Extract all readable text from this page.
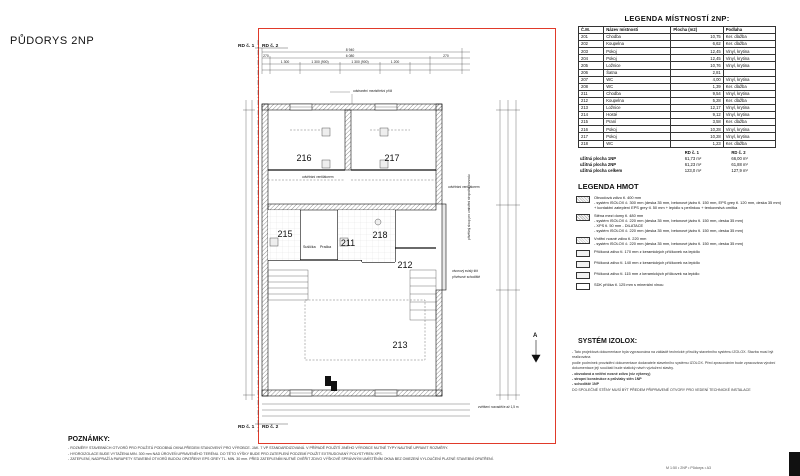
PŮDORYS 2NP	RD č. 1 RD č. 2
RD č. 1 RD č. 2
8 940
270	6 080	270
1 300	1 300 (900)	1 300 (900)	1 200
216	217
215
211
218
212
213
Sušička Pračka
odstranění mezistřešní příčl
odvětrání ventilátorem
odvětrání ventilátorem
přívěšný sloup pro umístění stropního rozvodu
otvorový svislý štít
přívěsové schodiště
zvětšení rozvaděče až 1,5 m
A
LEGENDA MÍSTNOSTÍ 2NP:
Č.M.	Název místnosti	Plocha (m2)	Podlaha
201	Chodba	10,75	Ker. dlažba
202	Koupelna	6,62	Ker. dlažba
203	Pokoj	12,45	Vinyl, krytina
204	Pokoj	12,45	Vinyl, krytina
205	Ložnice	10,76	Vinyl, krytina
206	Šatna	2,81	
207	WC	4,00	Vinyl, krytina
208	WC	1,39	Ker. dlažba
211	Chodba	9,54	Vinyl, krytina
212	Koupelna	5,28	Ker. dlažba
213	Ložnice	12,17	Vinyl, krytina
214	Hosté	9,12	Vinyl, krytina
215	Praní	3,58	Ker. dlažba
216	Pokoj	10,28	Vinyl, krytina
217	Pokoj	10,28	Vinyl, krytina
218	WC	1,23	Ker. dlažba
	RD č. 1	RD č. 2
užitná plocha 1NP	61,73 m²	66,00 m²
užitná plocha 2NP	61,23 m²	61,88 m²
užitná plocha celkem	123,0 m²	127,9 m²
LEGENDA HMOT
Obvodová zdivo tl. 400 mm
- systém ISOLOX č. 300 mm (deska 35 mm, betonové jádro tl. 150 mm, EPS grey tl. 120 mm, deska 35 mm)
+ kontaktní zateplení EPS grey tl. 50 mm + lepidlo s perlinkou + tenkovrstvá omítka
Stěna mezi domy tl. 480 mm
- systém ISOLOX č. 220 mm (deska 35 mm, betonové jádro tl. 150 mm, deska 35 mm)
- XPS tl. 50 mm - DILATACE
- systém ISOLOX č. 220 mm (deska 35 mm, betonové jádro tl. 150 mm, deska 35 mm)
Vnitřní nosné zdivo tl. 220 mm
- systém ISOLOX č. 220 mm (deska 35 mm, betonové jádro tl. 150 mm, deska 35 mm)
Příčková zdivo tl. 170 mm z keramických příčkovek na lepidlo
Příčková zdivo tl. 140 mm z keramických příčkovek na lepidlo
Příčková zdivo tl. 115 mm z keramických příčkovek na lepidlo
SDK příčka tl. 125 mm s minerální vlnou
SYSTÉM IZOLOX:
- Tato projektová dokumentace byla vypracována na základě technické příručky stavebního systému IZOLOX. Stavba musí být realizována
podle podmínek provádění dokumentace dodavatele stavebního systému IZOLOX. Před zpracováním bude zpracována výrobní
dokumentace její součástí bude statický návrh výztužení stavby.
- obvodová a vnitřní nosné zdivo (viz výkresy)
- stropní konstrukce a průvlaky stěn 1NP
- schodiště 1NP
DO SPOLEČNÉ STĚNY MUSÍ BÝT PŘEDEM PŘIPRAVENÉ OTVORY PRO VEDENÍ TECHNICKÉ INSTALACE
POZNÁMKY:
- ROZMĚRY STAVEBNÍCH OTVORŮ PRO POUŽITÁ PODOBNÁ OKNA PŘEDEM STANOVENÝ PRO VÝROBCE. JAK. 7 VP STANDARDIZOVANÁ. V PŘÍPADĚ POUŽITÍ JINÉHO VÝROBCE NUTNÉ TYPY NAUTNÉ UPRAVIT ROZMĚRY.
- HYDROIZOLACE BUDE VYTAŽENA MIN. 300 mm NAD ÚROVEŇ UPRAVENÉHO TERÉNU. DO TÉTO VÝŠKY BUDE PRO ZATEPLENÍ PODZEMÍ POUŽIT EXTRUDOVANÝ POLYSTYREN XPS.
- ZATEPLENÍ, NADPRAŽÍ A PARAPETY STAVEBNÍ OTVORŮ BUDOU OPATŘENY EPS GREY TL. MIN. 30 mm. PŘED ZATEPLENÍM NUTNÉ OVĚŘIT ZDIVO VÝŠKOVĚ SPRÁVNÝM UMÍSTĚNÍM OKNA BEZ OMEZENÍ VYLOUČENÍ PLATNÉ STAVEBNÍ OPATŘENÍ.
M 1:50 • 2NP • Půdorys • A3
